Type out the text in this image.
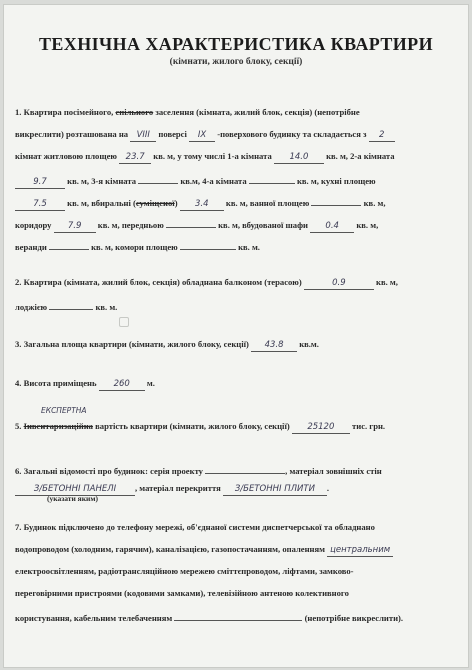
ТЕХНІЧНА ХАРАКТЕРИСТИКА КВАРТИРИ
(кімнати, жилого блоку, секції)
1. Квартира посімейного, спільного заселення (кімната, жилий блок, секція) (непотрібне
викреслити) розташована на VIII поверсі IX -поверхового будинку та складається з 2
кімнат житловою площею 23.7 кв. м, у тому числі 1-а кімната 14.0 кв. м, 2-а кімната
9.7 кв. м, 3-я кімната	кв.м, 4-а кімната	кв. м, кухні площею
7.5 кв. м, вбиральні (суміщеної) 3.4 кв. м, ванної площею	кв. м,
коридору 7.9 кв. м, передньою	кв. м, вбудованої шафи 0.4 кв. м,
веранди	кв. м, комори площею	кв. м.
2. Квартира (кімната, жилий блок, секція) обладнана балконом (терасою)	0.9	кв. м,
лоджією	кв. м.
3. Загальна площа квартири (кімнати, жилого блоку, секції) 43.8 кв.м.
4. Висота приміщень 260 м.
ЕКСПЕРТНА
5. Інвентаризаційна вартість квартири (кімнати, жилого блоку, секції) 25120 тис. грн.
6. Загальні відомості про будинок: серія проекту	, матеріал зовнішніх стін
З/БЕТОННІ ПАНЕЛІ , матеріал перекриття З/БЕТОННІ ПЛИТИ .
(указати яким)
7. Будинок підключено до телефону мережі, об'єднаної системи диспетчерської та обладнано
водопроводом (холодним, гарячим), каналізацією, газопостачанням, опаленням центральним
електроосвітленням, радіотрансляційною мережею сміттєпроводом, ліфтами, замково-
переговірними пристроями (кодовими замками), телевізійною антеною колективного
користування, кабельним телебаченням	(непотрібне викреслити).
